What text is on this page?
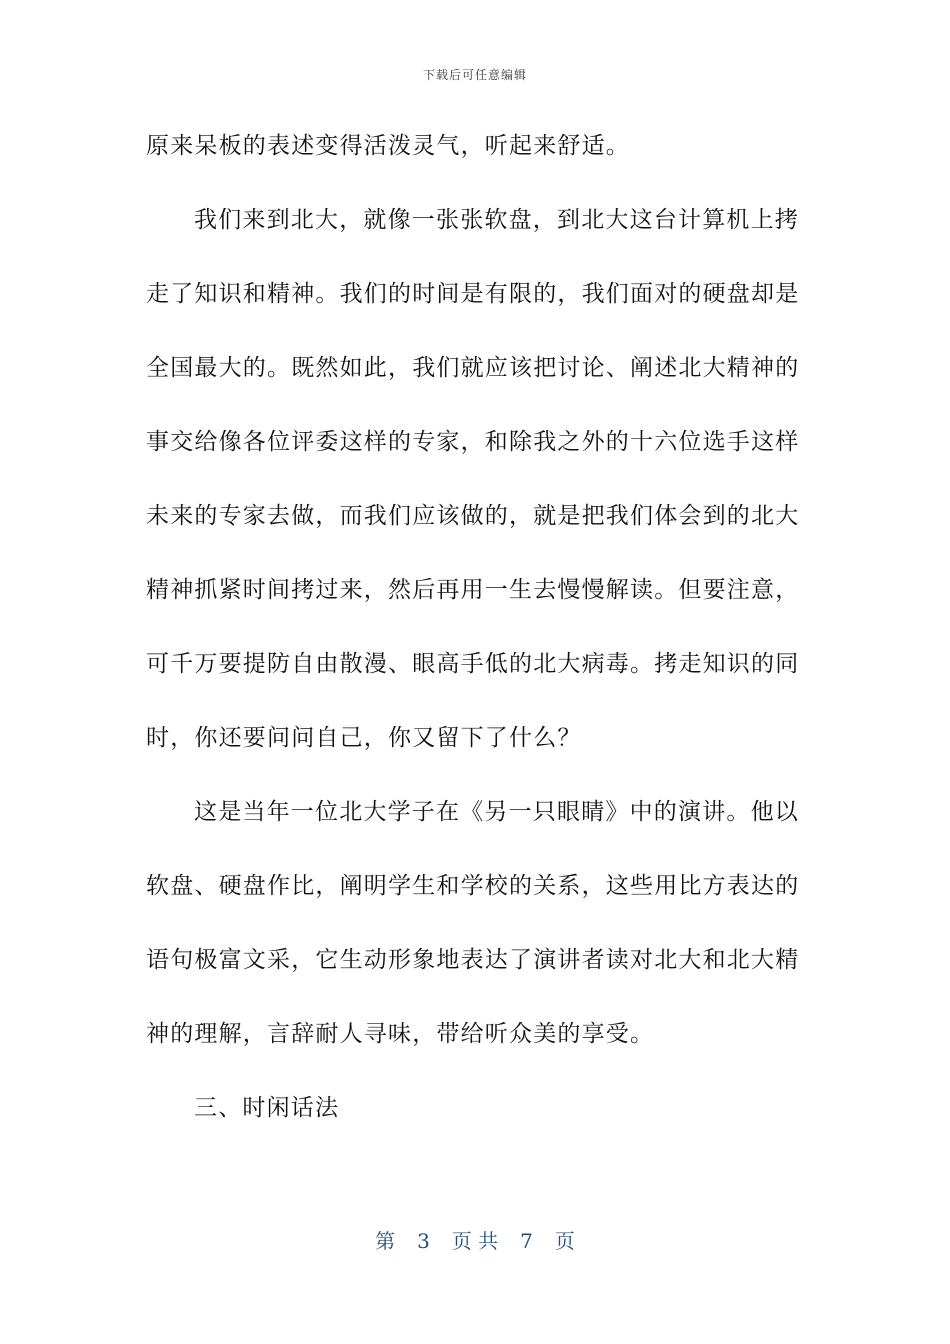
下载后可任意编辑
原来呆板的表述变得活泼灵气，听起来舒适。
我们来到北大，就像一张张软盘，到北大这台计算机上拷
走了知识和精神。我们的时间是有限的，我们面对的硬盘却是
全国最大的。既然如此，我们就应该把讨论、阐述北大精神的
事交给像各位评委这样的专家，和除我之外的十六位选手这样
未来的专家去做，而我们应该做的，就是把我们体会到的北大
精神抓紧时间拷过来，然后再用一生去慢慢解读。但要注意，
可千万要提防自由散漫、眼高手低的北大病毒。拷走知识的同
时，你还要问问自己，你又留下了什么？
这是当年一位北大学子在《另一只眼睛》中的演讲。他以
软盘、硬盘作比，阐明学生和学校的关系，这些用比方表达的
语句极富文采，它生动形象地表达了演讲者读对北大和北大精
神的理解，言辞耐人寻味，带给听众美的享受。
三、时闲话法
第 3 页 共 7 页
